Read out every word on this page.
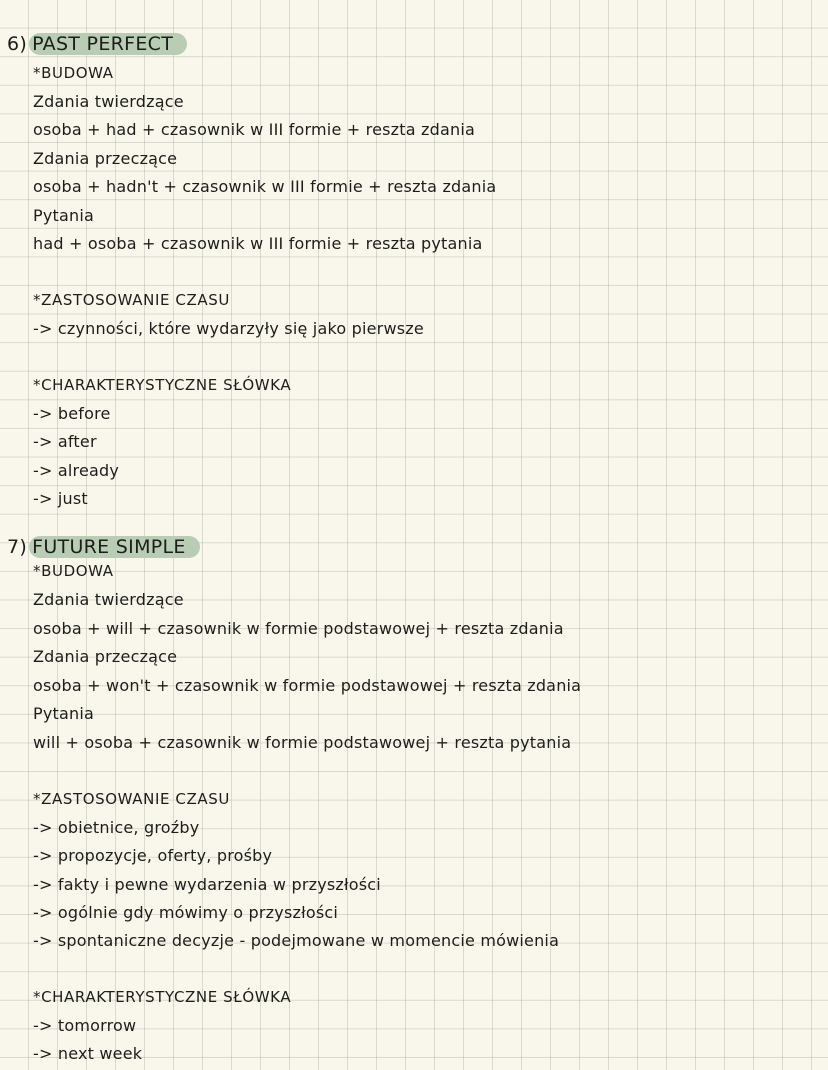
6) PAST PERFECT
*BUDOWA
Zdania twierdzące
osoba + had + czasownik w III formie + reszta zdania
Zdania przeczące
osoba + hadn't + czasownik w III formie + reszta zdania
Pytania
had + osoba + czasownik w III formie + reszta pytania
*ZASTOSOWANIE CZASU
-> czynności, które wydarzyły się jako pierwsze
*CHARAKTERYSTYCZNE SŁÓWKA
-> before
-> after
-> already
-> just
7) FUTURE SIMPLE
*BUDOWA
Zdania twierdzące
osoba + will + czasownik w formie podstawowej + reszta zdania
Zdania przeczące
osoba + won't + czasownik w formie podstawowej + reszta zdania
Pytania
will + osoba + czasownik w formie podstawowej + reszta pytania
*ZASTOSOWANIE CZASU
-> obietnice, groźby
-> propozycje, oferty, prośby
-> fakty i pewne wydarzenia w przyszłości
-> ogólnie gdy mówimy o przyszłości
-> spontaniczne decyzje - podejmowane w momencie mówienia
*CHARAKTERYSTYCZNE SŁÓWKA
-> tomorrow
-> next week
